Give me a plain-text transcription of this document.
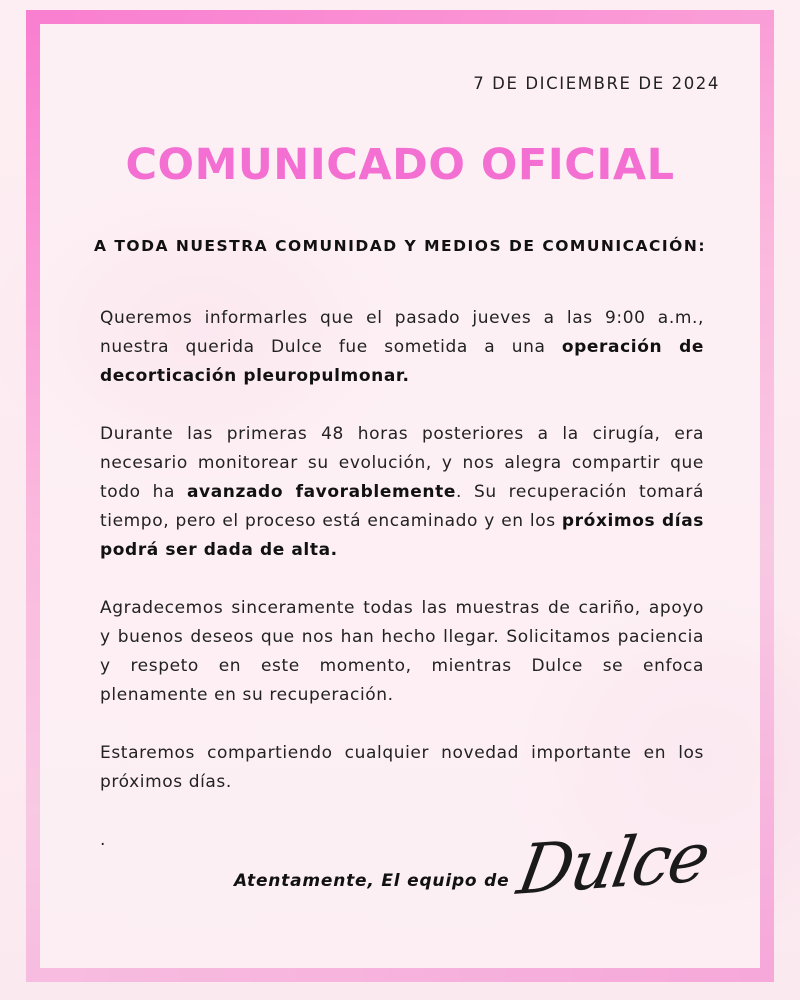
7 DE DICIEMBRE DE 2024
COMUNICADO OFICIAL
A TODA NUESTRA COMUNIDAD Y MEDIOS DE COMUNICACIÓN:

Queremos informarles que el pasado jueves a las 9:00 a.m., nuestra querida Dulce fue sometida a una operación de decorticación pleuropulmonar.

Durante las primeras 48 horas posteriores a la cirugía, era necesario monitorear su evolución, y nos alegra compartir que todo ha avanzado favorablemente. Su recuperación tomará tiempo, pero el proceso está encaminado y en los próximos días podrá ser dada de alta.

Agradecemos sinceramente todas las muestras de cariño, apoyo y buenos deseos que nos han hecho llegar. Solicitamos paciencia y respeto en este momento, mientras Dulce se enfoca plenamente en su recuperación.

Estaremos compartiendo cualquier novedad importante en los próximos días.

.

Atentamente, El equipo de Dulce
